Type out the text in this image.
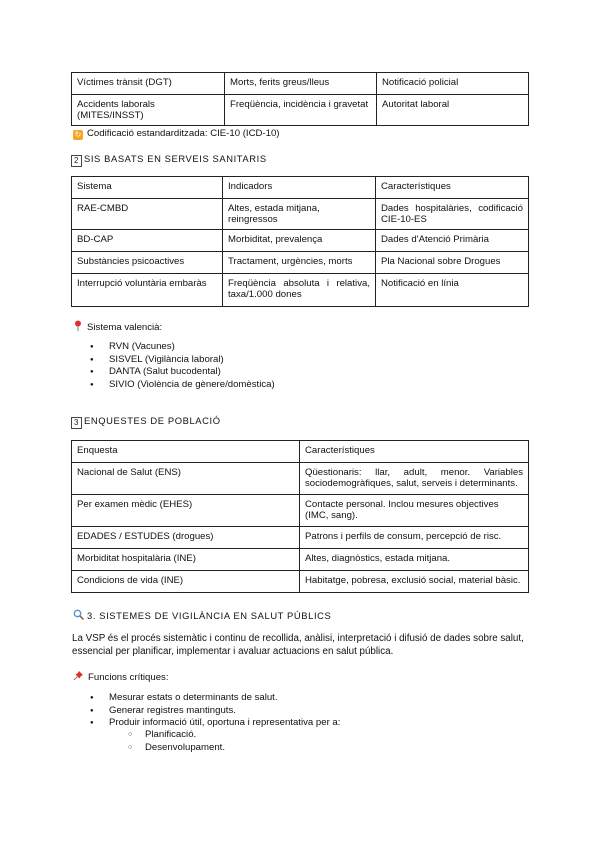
Víctimes trànsit (DGT)	Morts, ferits greus/lleus	Notificació policial
Accidents laborals (MITES/INSST)	Freqüència, incidència i gravetat	Autoritat laboral
↻ Codificació estandarditzada: CIE-10 (ICD-10)
2 SIS BASATS EN SERVEIS SANITARIS
Sistema	Indicadors	Característiques
RAE-CMBD	Altes, estada mitjana, reingressos	Dades hospitalàries, codificació CIE-10-ES
BD-CAP	Morbiditat, prevalença	Dades d'Atenció Primària
Substàncies psicoactives	Tractament, urgències, morts	Pla Nacional sobre Drogues
Interrupció voluntària embaràs	Freqüència absoluta i relativa, taxa/1.000 dones	Notificació en línia
Sistema valencià:
● RVN (Vacunes)
● SISVEL (Vigilància laboral)
● DANTA (Salut bucodental)
● SIVIO (Violència de gènere/domèstica)
3 ENQUESTES DE POBLACIÓ
Enquesta	Característiques
Nacional de Salut (ENS)	Qüestionaris: llar, adult, menor. Variables sociodemogràfiques, salut, serveis i determinants.
Per examen mèdic (EHES)	Contacte personal. Inclou mesures objectives (IMC, sang).
EDADES / ESTUDES (drogues)	Patrons i perfils de consum, percepció de risc.
Morbiditat hospitalària (INE)	Altes, diagnòstics, estada mitjana.
Condicions de vida (INE)	Habitatge, pobresa, exclusió social, material bàsic.
3. SISTEMES DE VIGILÀNCIA EN SALUT PÚBLICS
La VSP és el procés sistemàtic i continu de recollida, anàlisi, interpretació i difusió de dades sobre salut,
essencial per planificar, implementar i avaluar actuacions en salut pública.
Funcions crítiques:
● Mesurar estats o determinants de salut.
● Generar registres mantinguts.
● Produir informació útil, oportuna i representativa per a:
○ Planificació.
○ Desenvolupament.
